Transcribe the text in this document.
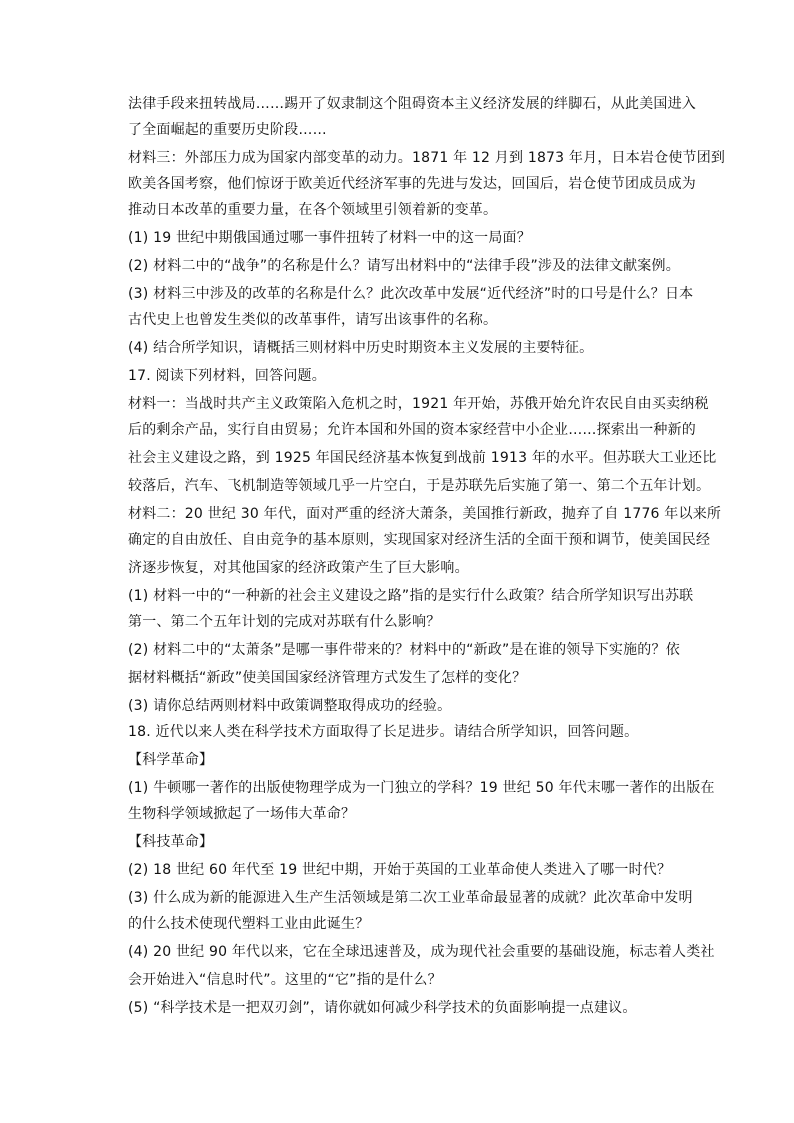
法律手段来扭转战局……踢开了奴隶制这个阻碍资本主义经济发展的绊脚石，从此美国进入
了全面崛起的重要历史阶段……
材料三：外部压力成为国家内部变革的动力。1871 年 12 月到 1873 年月，日本岩仓使节团到
欧美各国考察，他们惊讶于欧美近代经济军事的先进与发达，回国后，岩仓使节团成员成为
推动日本改革的重要力量，在各个领域里引领着新的变革。
(1) 19 世纪中期俄国通过哪一事件扭转了材料一中的这一局面？
(2) 材料二中的“战争”的名称是什么？请写出材料中的“法律手段”涉及的法律文献案例。
(3) 材料三中涉及的改革的名称是什么？此次改革中发展“近代经济”时的口号是什么？日本
古代史上也曾发生类似的改革事件，请写出该事件的名称。
(4) 结合所学知识，请概括三则材料中历史时期资本主义发展的主要特征。
17. 阅读下列材料，回答问题。
材料一：当战时共产主义政策陷入危机之时，1921 年开始，苏俄开始允许农民自由买卖纳税
后的剩余产品，实行自由贸易；允许本国和外国的资本家经营中小企业……探索出一种新的
社会主义建设之路，到 1925 年国民经济基本恢复到战前 1913 年的水平。但苏联大工业还比
较落后，汽车、飞机制造等领域几乎一片空白，于是苏联先后实施了第一、第二个五年计划。
材料二：20 世纪 30 年代，面对严重的经济大萧条，美国推行新政，抛弃了自 1776 年以来所
确定的自由放任、自由竞争的基本原则，实现国家对经济生活的全面干预和调节，使美国民经
济逐步恢复，对其他国家的经济政策产生了巨大影响。
(1) 材料一中的“一种新的社会主义建设之路”指的是实行什么政策？结合所学知识写出苏联
第一、第二个五年计划的完成对苏联有什么影响？
(2) 材料二中的“太萧条”是哪一事件带来的？材料中的“新政”是在谁的领导下实施的？依
据材料概括“新政”使美国国家经济管理方式发生了怎样的变化？
(3) 请你总结两则材料中政策调整取得成功的经验。
18. 近代以来人类在科学技术方面取得了长足进步。请结合所学知识，回答问题。
【科学革命】
(1) 牛顿哪一著作的出版使物理学成为一门独立的学科？19 世纪 50 年代末哪一著作的出版在
生物科学领域掀起了一场伟大革命？
【科技革命】
(2) 18 世纪 60 年代至 19 世纪中期，开始于英国的工业革命使人类进入了哪一时代？
(3) 什么成为新的能源进入生产生活领域是第二次工业革命最显著的成就？此次革命中发明
的什么技术使现代塑料工业由此诞生？
(4) 20 世纪 90 年代以来，它在全球迅速普及，成为现代社会重要的基础设施，标志着人类社
会开始进入“信息时代”。这里的“它”指的是什么？
(5) “科学技术是一把双刃剑”，请你就如何减少科学技术的负面影响提一点建议。
